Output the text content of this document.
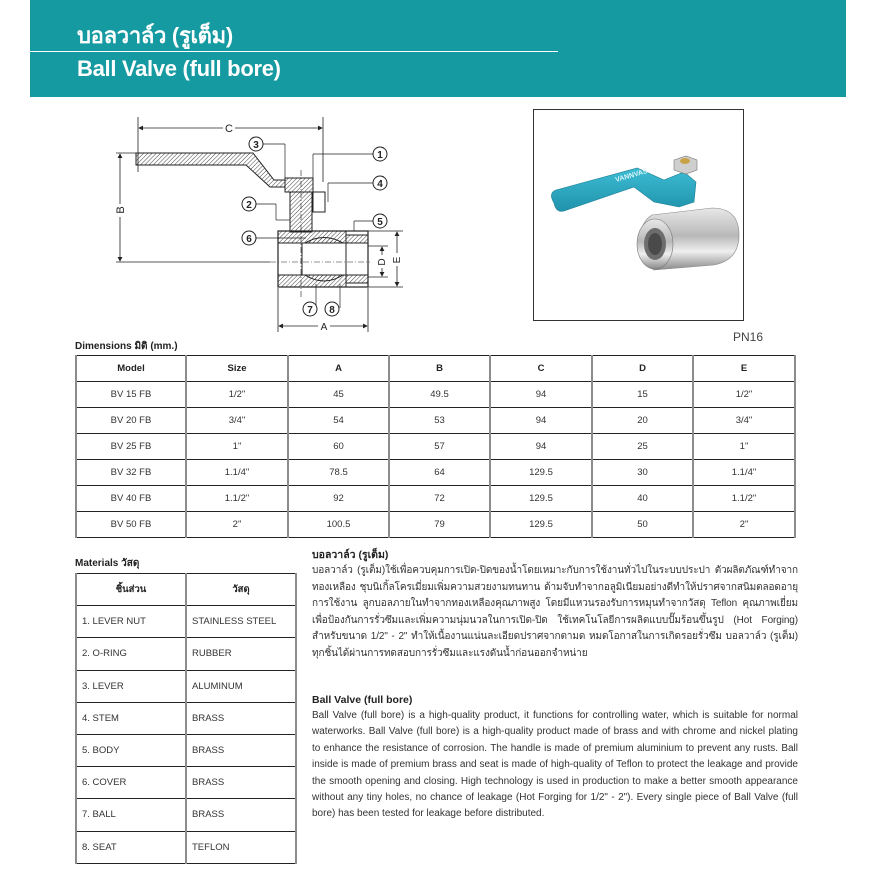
บอลวาล์ว (รูเต็ม)
Ball Valve (full bore)
C
B
D E
A
3
1
4
2
5
6
7 8
VANNVAS
PN16
Dimensions มิติ (mm.)
Model	Size	A	B	C	D	E
BV 15 FB	1/2"	45	49.5	94	15	1/2"
BV 20 FB	3/4"	54	53	94	20	3/4"
BV 25 FB	1"	60	57	94	25	1"
BV 32 FB	1.1/4"	78.5	64	129.5	30	1.1/4"
BV 40 FB	1.1/2"	92	72	129.5	40	1.1/2"
BV 50 FB	2"	100.5	79	129.5	50	2"
Materials วัสดุ
ชิ้นส่วน	วัสดุ
1. LEVER NUT	STAINLESS STEEL
2. O-RING	RUBBER
3. LEVER	ALUMINUM
4. STEM	BRASS
5. BODY	BRASS
6. COVER	BRASS
7. BALL	BRASS
8. SEAT	TEFLON
บอลวาล์ว (รูเต็ม)
บอลวาล์ว (รูเต็ม)ใช้เพื่อควบคุมการเปิด-ปิดของน้ำโดยเหมาะกับการใช้งานทั่วไปในระบบประปา ตัวผลิตภัณฑ์ทำจากทองเหลือง ชุบนิเกิ้ลโครเมี่ยมเพิ่มความสวยงามทนทาน ด้ามจับทำจากอลูมิเนียมอย่างดีทำให้ปราศจากสนิมตลอดอายุการใช้งาน ลูกบอลภายในทำจากทองเหลืองคุณภาพสูง โดยมีแหวนรองรับการหมุนทำจากวัสดุ Teflon คุณภาพเยี่ยม เพื่อป้องกันการรั่วซึมและเพิ่มความนุ่มนวลในการเปิด-ปิด ใช้เทคโนโลยีการผลิตแบบปั๊มร้อนขึ้นรูป (Hot Forging) สำหรับขนาด 1/2" - 2" ทำให้เนื้องานแน่นละเอียดปราศจากตามด หมดโอกาสในการเกิดรอยรั่วซึม บอลวาล์ว (รูเต็ม) ทุกชิ้นได้ผ่านการทดสอบการรั่วซึมและแรงดันน้ำก่อนออกจำหน่าย
Ball Valve (full bore)
Ball Valve (full bore) is a high-quality product, it functions for controlling water, which is suitable for normal waterworks. Ball Valve (full bore) is a high-quality product made of brass and with chrome and nickel plating to enhance the resistance of corrosion. The handle is made of premium aluminium to prevent any rusts. Ball inside is made of premium brass and seat is made of high-quality of Teflon to protect the leakage and provide the smooth opening and closing. High technology is used in production to make a better smooth appearance without any tiny holes, no chance of leakage (Hot Forging for 1/2" - 2"). Every single piece of Ball Valve (full bore) has been tested for leakage before distributed.
